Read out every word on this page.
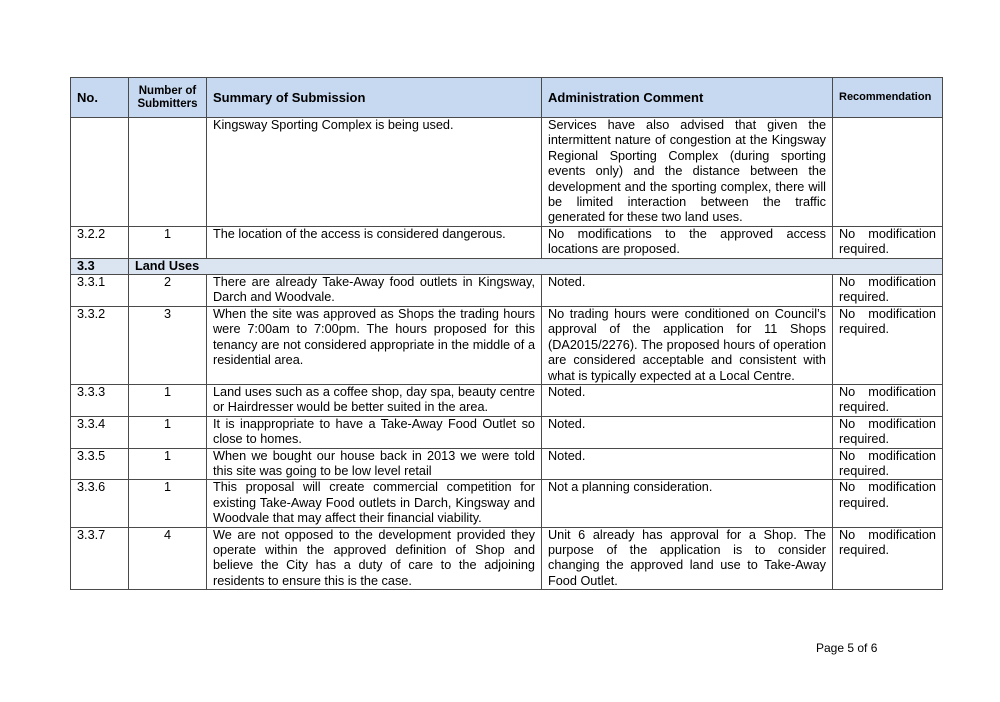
No.	Number of Submitters	Summary of Submission	Administration Comment	Recommendation
		Kingsway Sporting Complex is being used.	Services have also advised that given the intermittent nature of congestion at the Kingsway Regional Sporting Complex (during sporting events only) and the distance between the development and the sporting complex, there will be limited interaction between the traffic generated for these two land uses.	
3.2.2	1	The location of the access is considered dangerous.	No modifications to the approved access locations are proposed.	No modification required.
3.3	Land Uses			
3.3.1	2	There are already Take-Away food outlets in Kingsway, Darch and Woodvale.	Noted.	No modification required.
3.3.2	3	When the site was approved as Shops the trading hours were 7:00am to 7:00pm. The hours proposed for this tenancy are not considered appropriate in the middle of a residential area.	No trading hours were conditioned on Council’s approval of the application for 11 Shops (DA2015/2276). The proposed hours of operation are considered acceptable and consistent with what is typically expected at a Local Centre.	No modification required.
3.3.3	1	Land uses such as a coffee shop, day spa, beauty centre or Hairdresser would be better suited in the area.	Noted.	No modification required.
3.3.4	1	It is inappropriate to have a Take-Away Food Outlet so close to homes.	Noted.	No modification required.
3.3.5	1	When we bought our house back in 2013 we were told this site was going to be low level retail	Noted.	No modification required.
3.3.6	1	This proposal will create commercial competition for existing Take-Away Food outlets in Darch, Kingsway and Woodvale that may affect their financial viability.	Not a planning consideration.	No modification required.
3.3.7	4	We are not opposed to the development provided they operate within the approved definition of Shop and believe the City has a duty of care to the adjoining residents to ensure this is the case.	Unit 6 already has approval for a Shop. The purpose of the application is to consider changing the approved land use to Take-Away Food Outlet.	No modification required.
Page 5 of 6
